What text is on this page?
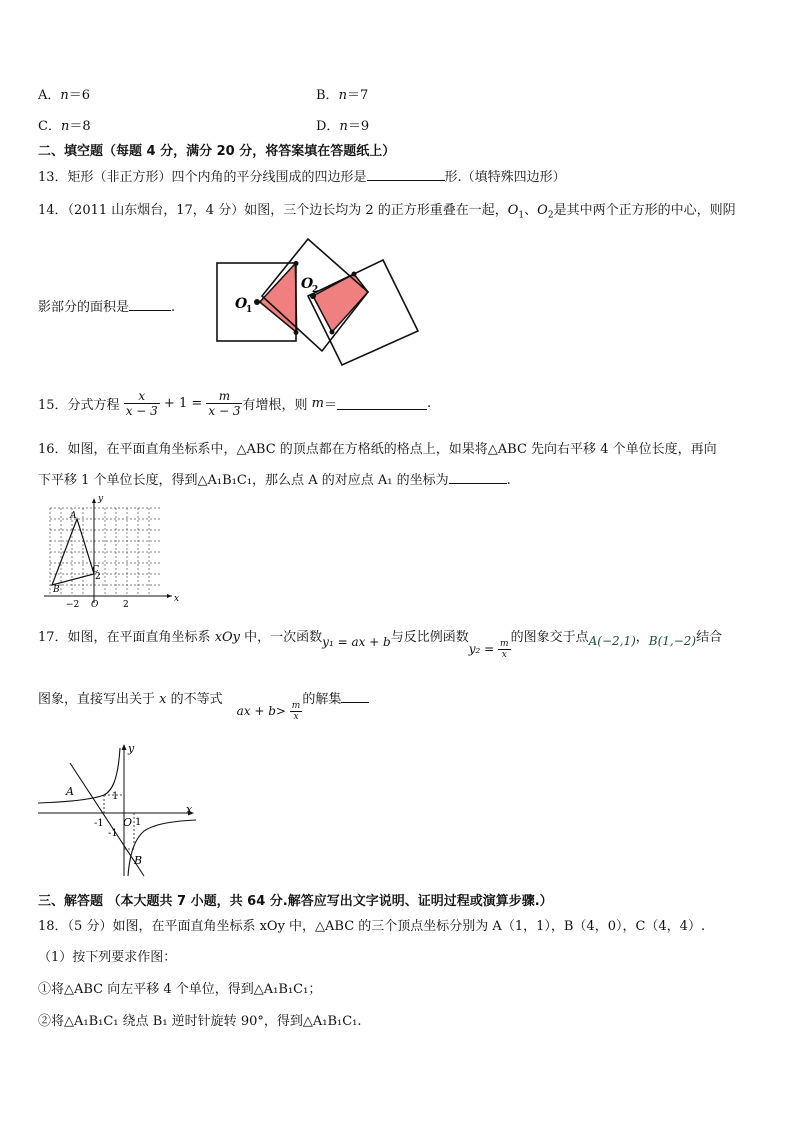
A．n＝6	B．n＝7
C．n＝8	D．n＝9
二、填空题（每题 4 分，满分 20 分，将答案填在答题纸上）
13．矩形（非正方形）四个内角的平分线围成的四边形是	形.（填特殊四边形）
14．（2011 山东烟台，17，4 分）如图，三个边长均为 2 的正方形重叠在一起，$O_1$、$O_2$是其中两个正方形的中心，则阴
影部分的面积是	.	O
1
O
2
15．分式方程 $\frac{x}{x - 3} + 1 = \frac{m}{x - 3}$ 有增根，则 m＝	.
16．如图，在平面直角坐标系中，△ABC 的顶点都在方格纸的格点上，如果将△ABC 先向右平移 4 个单位长度，再向
下平移 1 个单位长度，得到△A₁B₁C₁，那么点 A 的对应点 A₁ 的坐标为	.
A
B
C
y
x
−2 O	2
2
17．如图，在平面直角坐标系 xOy 中，一次函数y₁ = ax + b与反比例函数$y_2 = \frac{m}{x}$
的图象交于点A(−2,1)，B(1,−2)结合
图象，直接写出关于 x 的不等式ax + $b> \frac{m}{x}$
的解集
A
B
y
x
O
1
-1	1
-1
三、解答题 （本大题共 7 小题，共 64 分.解答应写出文字说明、证明过程或演算步骤.）
18．（5 分）如图，在平面直角坐标系 xOy 中，△ABC 的三个顶点坐标分别为 A（1，1），B（4，0），C（4，4）.
（1）按下列要求作图：
①将△ABC 向左平移 4 个单位，得到△A₁B₁C₁；
②将△A₁B₁C₁ 绕点 B₁ 逆时针旋转 90°，得到△A₁B₁C₁.
